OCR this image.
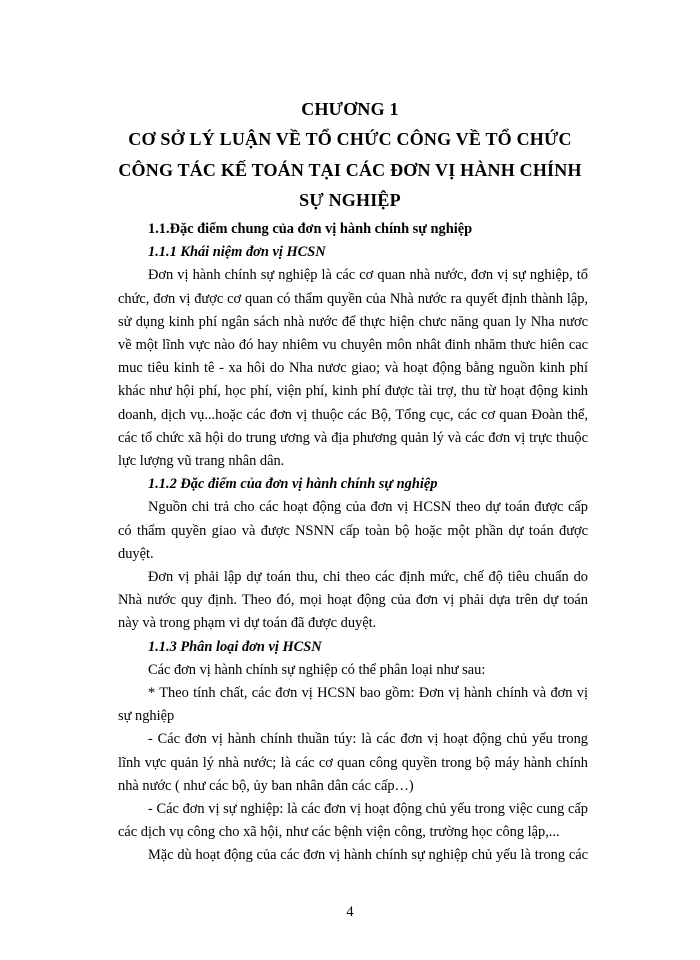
CHƯƠNG 1
CƠ SỞ LÝ LUẬN VỀ TỔ CHỨC CÔNG VỀ TỔ CHỨC
CÔNG TÁC KẾ TOÁN TẠI CÁC ĐƠN VỊ HÀNH CHÍNH
SỰ NGHIỆP

1.1.Đặc điểm chung của đơn vị hành chính sự nghiệp

1.1.1 Khái niệm đơn vị HCSN

Đơn vị hành chính sự nghiệp là các cơ quan nhà nước, đơn vị sự nghiệp, tổ chức, đơn vị được cơ quan có thẩm quyền của Nhà nước ra quyết định thành lập, sử dụng kinh phí ngân sách nhà nước để thực hiện chưc năng quan ly Nha nươc về một lĩnh vực nào đó hay nhiêm vu chuyên môn nhât đinh nhăm thưc hiên cac muc tiêu kinh tê - xa hôi do Nha nươc giao; và hoạt động bằng nguồn kinh phí khác như hội phí, học phí, viện phí, kinh phí được tài trợ, thu từ hoạt động kinh doanh, dịch vụ...hoặc các đơn vị thuộc các Bộ, Tổng cục, các cơ quan Đoàn thể, các tổ chức xã hội do trung ương và địa phương quản lý và các đơn vị trực thuộc lực lượng vũ trang nhân dân.

1.1.2 Đặc điểm của đơn vị hành chính sự nghiệp

Nguồn chi trả cho các hoạt động của đơn vị HCSN theo dự toán được cấp có thẩm quyền giao và được NSNN cấp toàn bộ hoặc một phần dự toán được duyệt.

Đơn vị phải lập dự toán thu, chi theo các định mức, chế độ tiêu chuẩn do Nhà nước quy định. Theo đó, mọi hoạt động của đơn vị phải dựa trên dự toán này và trong phạm vi dự toán đã được duyệt.

1.1.3 Phân loại đơn vị HCSN

Các đơn vị hành chính sự nghiệp có thể phân loại như sau:

* Theo tính chất, các đơn vị HCSN bao gồm: Đơn vị hành chính và đơn vị sự nghiệp

- Các đơn vị hành chính thuần túy: là các đơn vị hoạt động chủ yếu trong lĩnh vực quản lý nhà nước; là các cơ quan công quyền trong bộ máy hành chính nhà nước ( như các bộ, ủy ban nhân dân các cấp…)

- Các đơn vị sự nghiệp: là các đơn vị hoạt động chủ yếu trong việc cung cấp các dịch vụ công cho xã hội, như các bệnh viện công, trường học công lập,...

Mặc dù hoạt động của các đơn vị hành chính sự nghiệp chủ yếu là trong các

4
